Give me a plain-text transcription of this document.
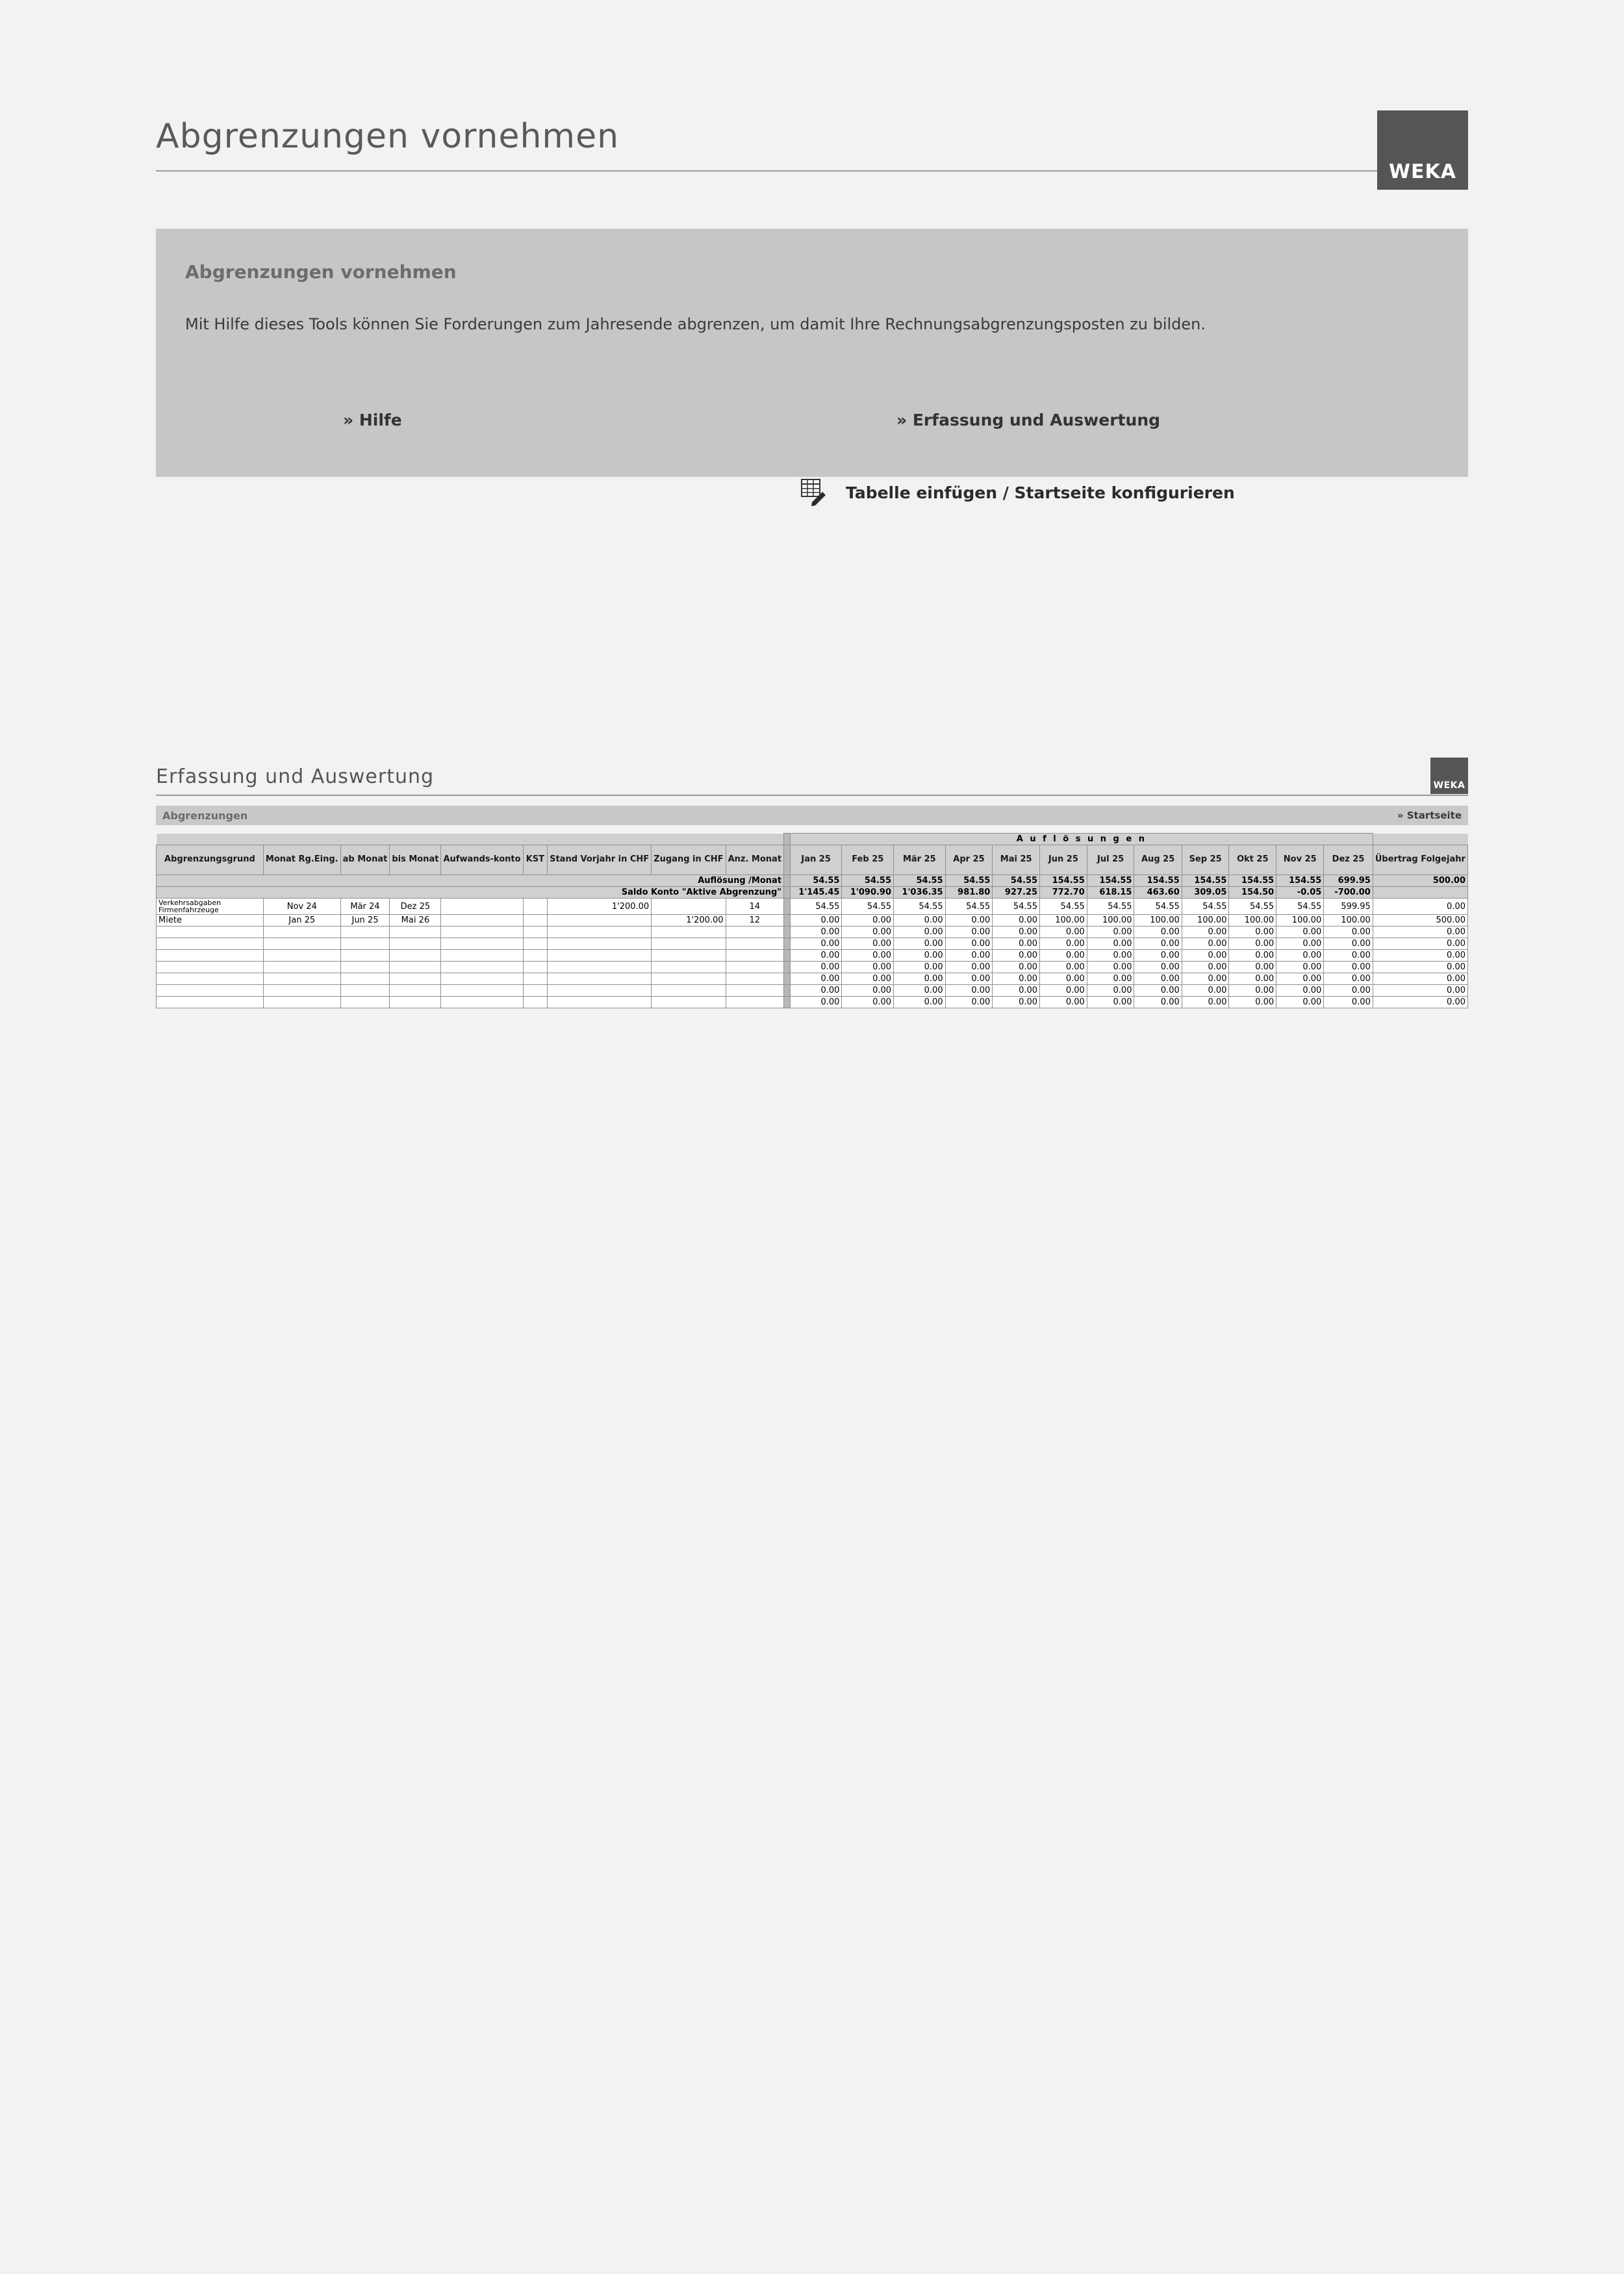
Abgrenzungen vornehmen
WEKA
Abgrenzungen vornehmen
Mit Hilfe dieses Tools können Sie Forderungen zum Jahresende abgrenzen, um damit Ihre Rechnungsabgrenzungsposten zu bilden.
» Hilfe	» Erfassung und Auswertung
Tabelle einfügen / Startseite konfigurieren
Erfassung und Auswertung	WEKA
Abgrenzungen	» Startseite
										A u f l ö s u n g e n												
Abgrenzungsgrund	Monat Rg.Eing.	ab Monat	bis Monat	Aufwands-konto	KST	Stand Vorjahr in CHF	Zugang in CHF	Anz. Monat		Jan 25	Feb 25	Mär 25	Apr 25	Mai 25	Jun 25	Jul 25	Aug 25	Sep 25	Okt 25	Nov 25	Dez 25	Übertrag Folgejahr
Auflösung /Monat										54.55	54.55	54.55	54.55	54.55	154.55	154.55	154.55	154.55	154.55	154.55	699.95	500.00
Saldo Konto "Aktive Abgrenzung"										1'145.45	1'090.90	1'036.35	981.80	927.25	772.70	618.15	463.60	309.05	154.50	-0.05	-700.00	
Verkehrsabgaben Firmenfahrzeuge	Nov 24	Mär 24	Dez 25			1'200.00		14		54.55	54.55	54.55	54.55	54.55	54.55	54.55	54.55	54.55	54.55	54.55	599.95	0.00
Miete	Jan 25	Jun 25	Mai 26				1'200.00	12		0.00	0.00	0.00	0.00	0.00	100.00	100.00	100.00	100.00	100.00	100.00	100.00	500.00
										0.00	0.00	0.00	0.00	0.00	0.00	0.00	0.00	0.00	0.00	0.00	0.00	0.00
										0.00	0.00	0.00	0.00	0.00	0.00	0.00	0.00	0.00	0.00	0.00	0.00	0.00
										0.00	0.00	0.00	0.00	0.00	0.00	0.00	0.00	0.00	0.00	0.00	0.00	0.00
										0.00	0.00	0.00	0.00	0.00	0.00	0.00	0.00	0.00	0.00	0.00	0.00	0.00
										0.00	0.00	0.00	0.00	0.00	0.00	0.00	0.00	0.00	0.00	0.00	0.00	0.00
										0.00	0.00	0.00	0.00	0.00	0.00	0.00	0.00	0.00	0.00	0.00	0.00	0.00
										0.00	0.00	0.00	0.00	0.00	0.00	0.00	0.00	0.00	0.00	0.00	0.00	0.00
